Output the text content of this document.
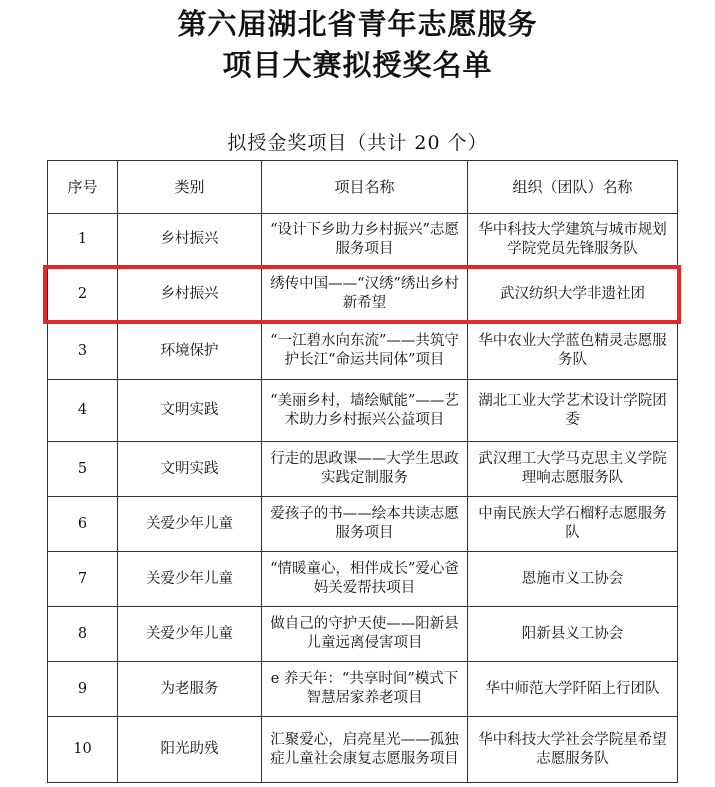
第六届湖北省青年志愿服务
项目大赛拟授奖名单
拟授金奖项目（共计 20 个）
序号	类别	项目名称	组织（团队）名称
1	乡村振兴	“设计下乡助力乡村振兴”志愿服务项目	华中科技大学建筑与城市规划学院党员先锋服务队
2	乡村振兴	绣传中国——“汉绣”绣出乡村新希望	武汉纺织大学非遗社团
3	环境保护	“一江碧水向东流”——共筑守护长江“命运共同体”项目	华中农业大学蓝色精灵志愿服务队
4	文明实践	“美丽乡村，墙绘赋能”——艺术助力乡村振兴公益项目	湖北工业大学艺术设计学院团委
5	文明实践	行走的思政课——大学生思政实践定制服务	武汉理工大学马克思主义学院理响志愿服务队
6	关爱少年儿童	爱孩子的书——绘本共读志愿服务项目	中南民族大学石榴籽志愿服务队
7	关爱少年儿童	“情暖童心，相伴成长”爱心爸妈关爱帮扶项目	恩施市义工协会
8	关爱少年儿童	做自己的守护天使——阳新县儿童远离侵害项目	阳新县义工协会
9	为老服务	e 养天年：“共享时间”模式下智慧居家养老项目	华中师范大学阡陌上行团队
10	阳光助残	汇聚爱心，启亮星光——孤独症儿童社会康复志愿服务项目	华中科技大学社会学院星希望志愿服务队
